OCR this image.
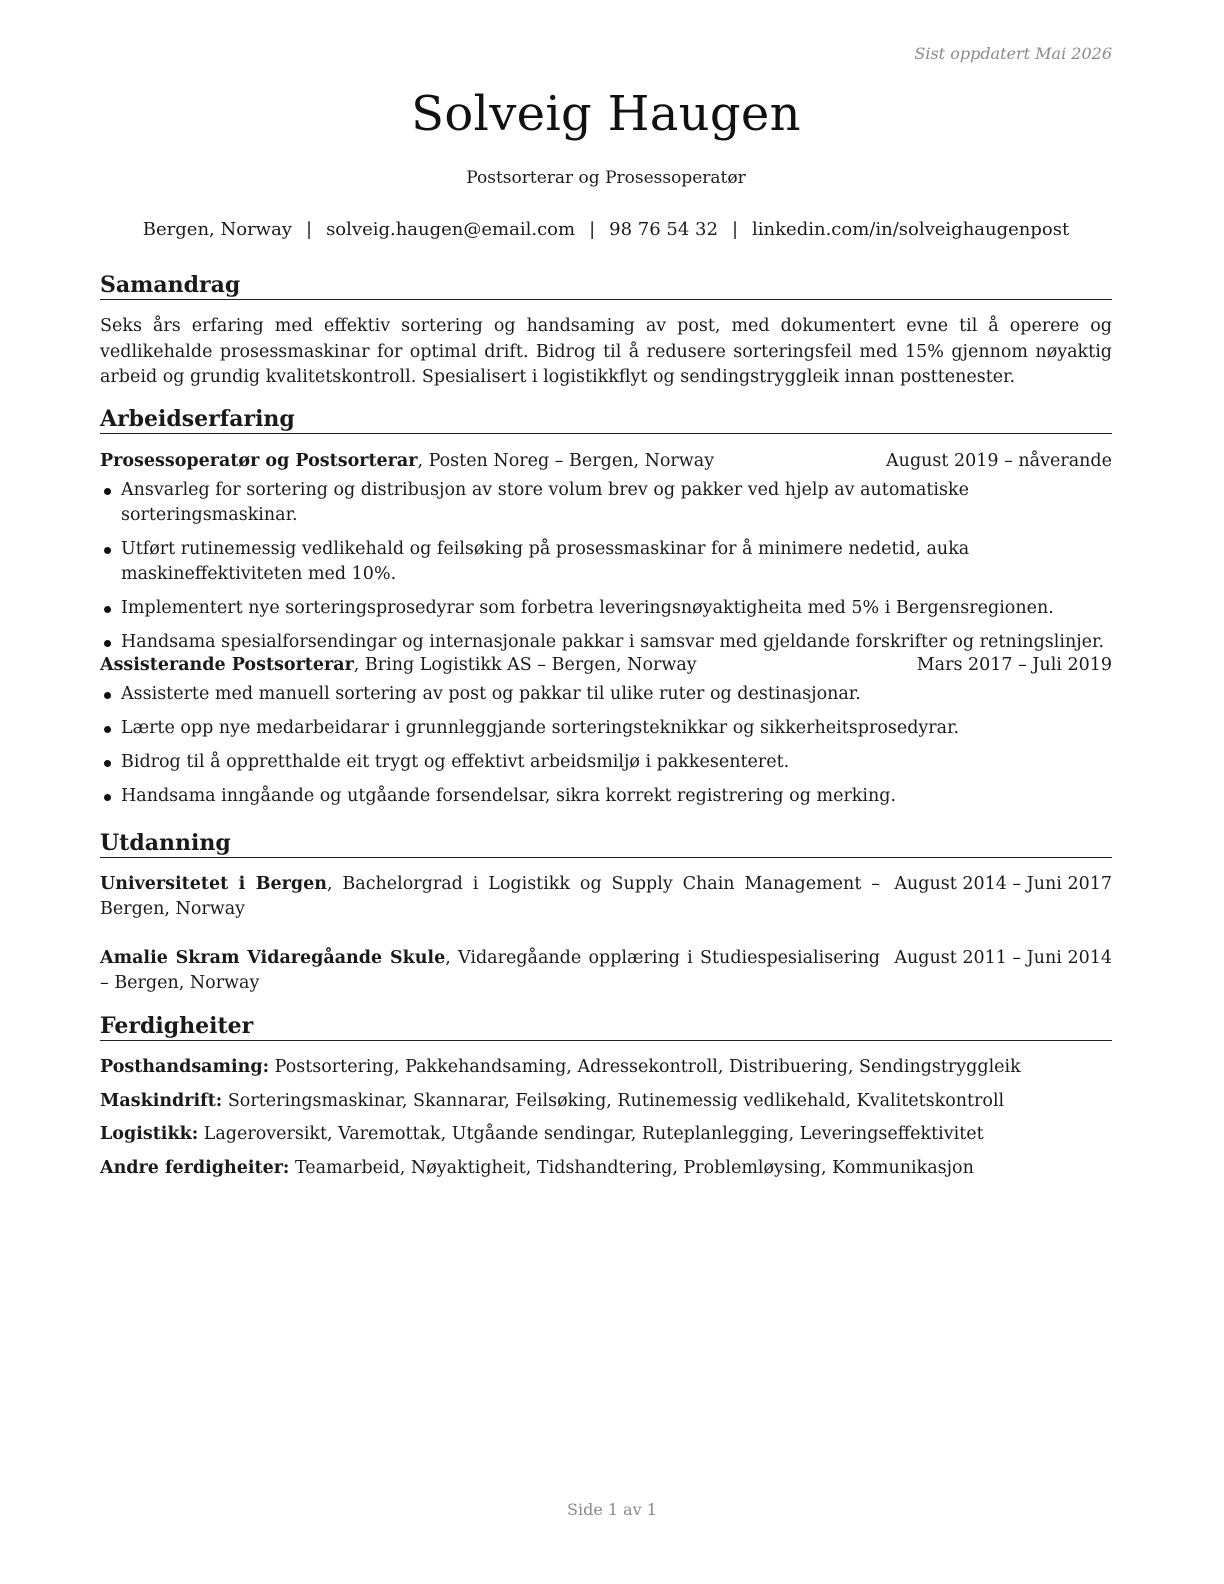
Sist oppdatert Mai 2026
Solveig Haugen
Postsorterar og Prosessoperatør
Bergen, Norway | solveig.haugen@email.com | 98 76 54 32 | linkedin.com/in/solveighaugenpost
Samandrag
Seks års erfaring med effektiv sortering og handsaming av post, med dokumentert evne til å operere og vedlikehalde prosessmaskinar for optimal drift. Bidrog til å redusere sorteringsfeil med 15% gjennom nøyaktig arbeid og grundig kvalitetskontroll. Spesialisert i logistikkflyt og sendingstryggleik innan posttenester.
Arbeidserfaring
Prosessoperatør og Postsorterar, Posten Noreg – Bergen, Norway	August 2019 – nåverande
Ansvarleg for sortering og distribusjon av store volum brev og pakker ved hjelp av automatiske sorteringsmaskinar.
Utført rutinemessig vedlikehald og feilsøking på prosessmaskinar for å minimere nedetid, auka maskineffektiviteten med 10%.
Implementert nye sorteringsprosedyrar som forbetra leveringsnøyaktigheita med 5% i Bergensregionen.
Handsama spesialforsendingar og internasjonale pakkar i samsvar med gjeldande forskrifter og retningslinjer.
Assisterande Postsorterar, Bring Logistikk AS – Bergen, Norway	Mars 2017 – Juli 2019
Assisterte med manuell sortering av post og pakkar til ulike ruter og destinasjonar.
Lærte opp nye medarbeidarar i grunnleggjande sorteringsteknikkar og sikkerheitsprosedyrar.
Bidrog til å oppretthalde eit trygt og effektivt arbeidsmiljø i pakkesenteret.
Handsama inngåande og utgåande forsendelsar, sikra korrekt registrering og merking.
Utdanning
Universitetet i Bergen, Bachelorgrad i Logistikk og Supply Chain Management – Bergen, Norway
August 2014 – Juni 2017
Amalie Skram Vidaregåande Skule, Vidaregåande opplæring i Studiespesialisering – Bergen, Norway
August 2011 – Juni 2014
Ferdigheiter
Posthandsaming: Postsortering, Pakkehandsaming, Adressekontroll, Distribuering, Sendingstryggleik
Maskindrift: Sorteringsmaskinar, Skannarar, Feilsøking, Rutinemessig vedlikehald, Kvalitetskontroll
Logistikk: Lageroversikt, Varemottak, Utgåande sendingar, Ruteplanlegging, Leveringseffektivitet
Andre ferdigheiter: Teamarbeid, Nøyaktigheit, Tidshandtering, Problemløysing, Kommunikasjon
Side 1 av 1
